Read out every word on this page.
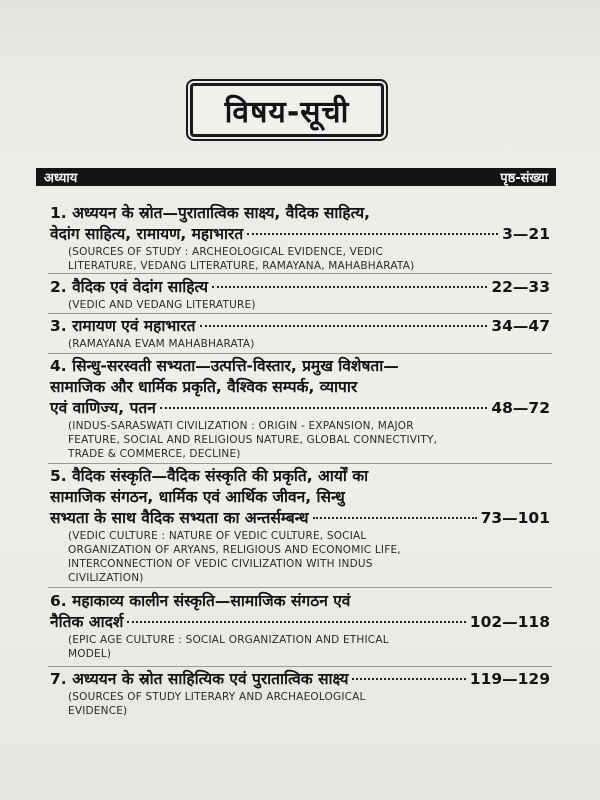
विषय-सूची
अध्याय	पृष्ठ-संख्या
1. अध्ययन के स्रोत—पुरातात्विक साक्ष्य, वैदिक साहित्य,
वेदांग साहित्य, रामायण, महाभारत	3—21
(SOURCES OF STUDY : ARCHEOLOGICAL EVIDENCE, VEDIC
LITERATURE, VEDANG LITERATURE, RAMAYANA, MAHABHARATA)
2. वैदिक एवं वेदांग साहित्य	22—33
(VEDIC AND VEDANG LITERATURE)
3. रामायण एवं महाभारत	34—47
(RAMAYANA EVAM MAHABHARATA)
4. सिन्धु-सरस्वती सभ्यता—उत्पत्ति-विस्तार, प्रमुख विशेषता—
सामाजिक और धार्मिक प्रकृति, वैश्विक सम्पर्क, व्यापार
एवं वाणिज्य, पतन	48—72
(INDUS-SARASWATI CIVILIZATION : ORIGIN - EXPANSION, MAJOR
FEATURE, SOCIAL AND RELIGIOUS NATURE, GLOBAL CONNECTIVITY,
TRADE & COMMERCE, DECLINE)
5. वैदिक संस्कृति—वैदिक संस्कृति की प्रकृति, आर्यों का
सामाजिक संगठन, धार्मिक एवं आर्थिक जीवन, सिन्धु
सभ्यता के साथ वैदिक सभ्यता का अन्तर्सम्बन्ध	73—101
(VEDIC CULTURE : NATURE OF VEDIC CULTURE, SOCIAL
ORGANIZATION OF ARYANS, RELIGIOUS AND ECONOMIC LIFE,
INTERCONNECTION OF VEDIC CIVILIZATION WITH INDUS
CIVILIZATION)
6. महाकाव्य कालीन संस्कृति—सामाजिक संगठन एवं
नैतिक आदर्श	102—118
(EPIC AGE CULTURE : SOCIAL ORGANIZATION AND ETHICAL
MODEL)
7. अध्ययन के स्रोत साहित्यिक एवं पुरातात्विक साक्ष्य	119—129
(SOURCES OF STUDY LITERARY AND ARCHAEOLOGICAL
EVIDENCE)
